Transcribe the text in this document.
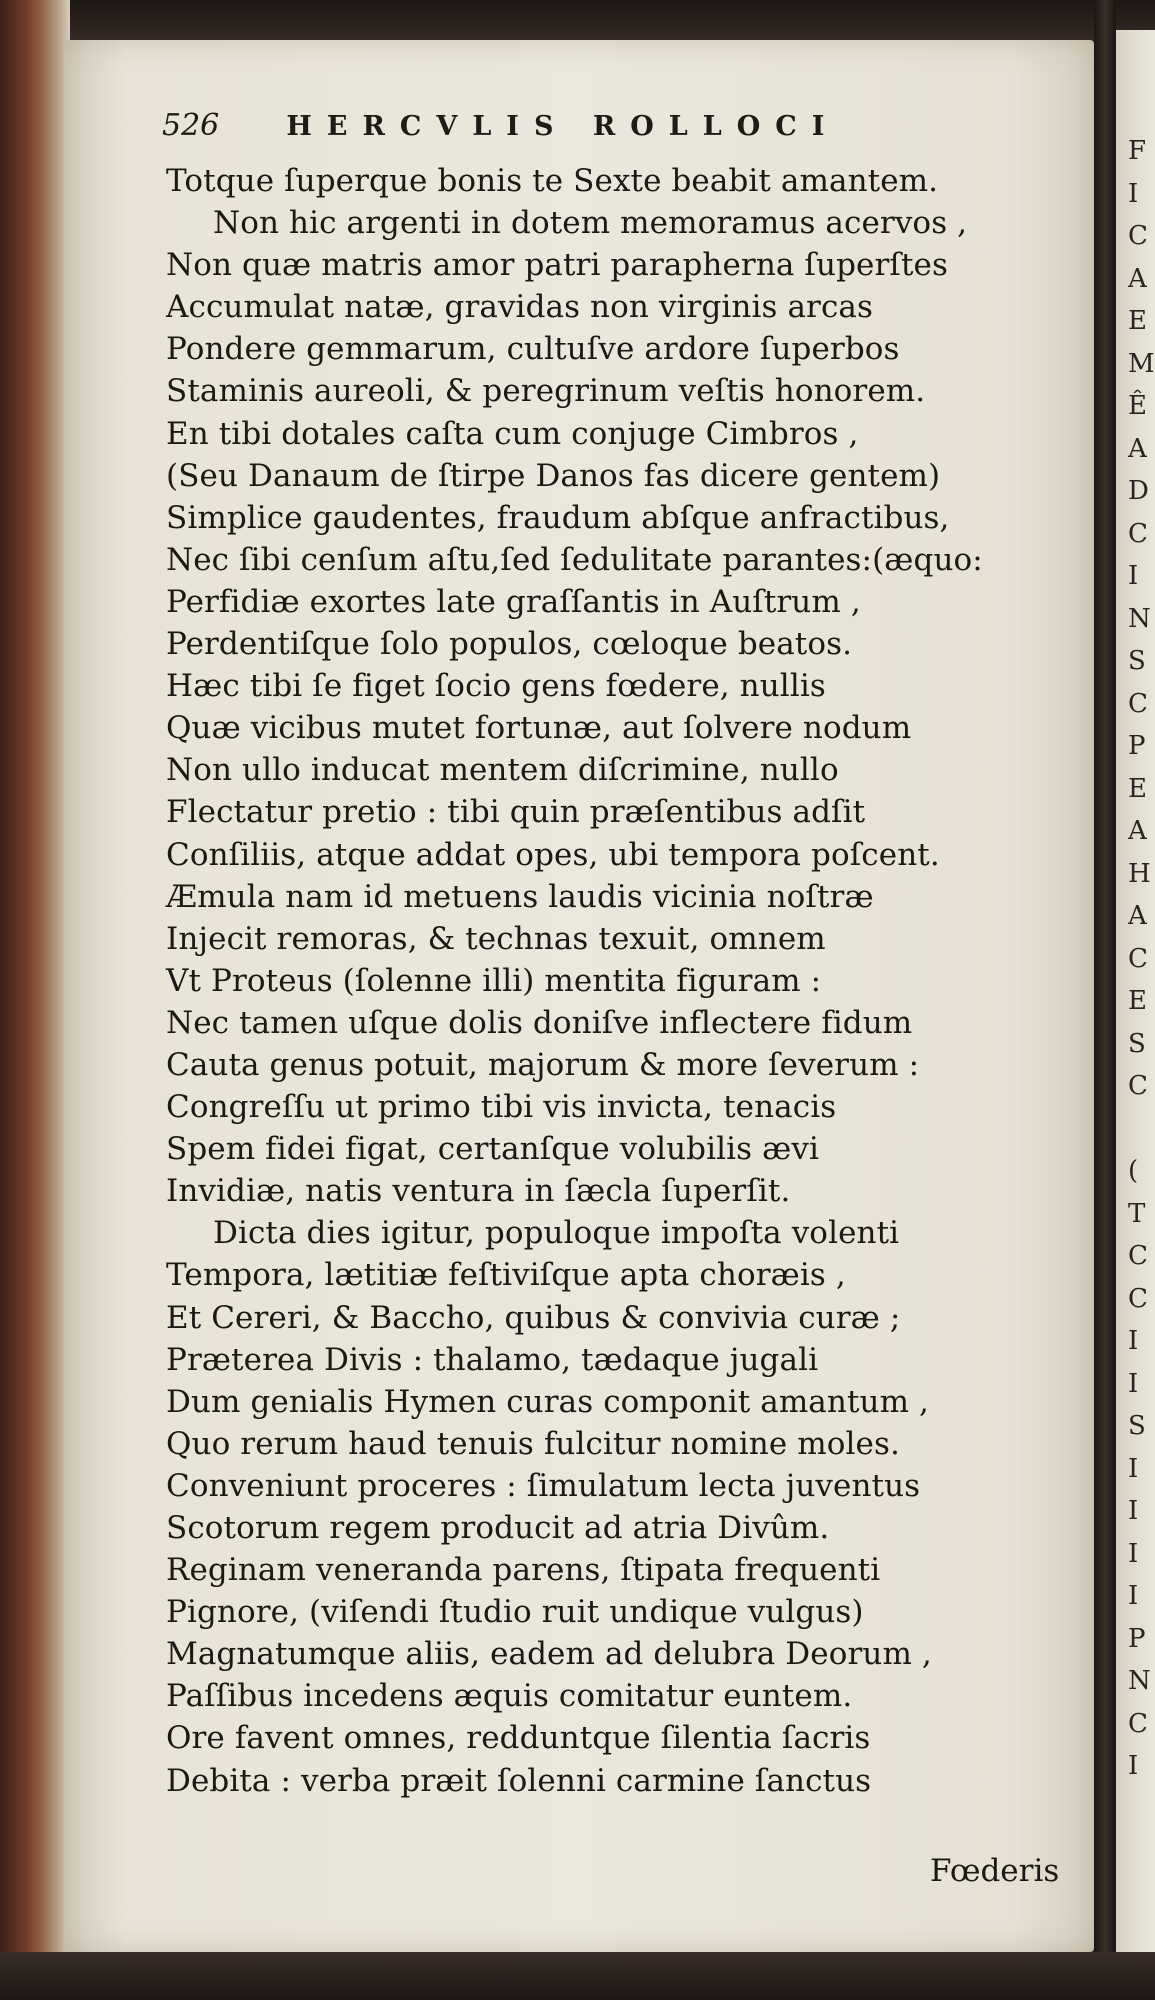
526 HERCVLIS ROLLOCI
Totque ſuperque bonis te Sexte beabit amantem.
Non hic argenti in dotem memoramus acervos ,
Non quæ matris amor patri parapherna ſuperſtes
Accumulat natæ, gravidas non virginis arcas
Pondere gemmarum, cultuſve ardore ſuperbos
Staminis aureoli, & peregrinum veſtis honorem.
En tibi dotales caſta cum conjuge Cimbros ,
(Seu Danaum de ſtirpe Danos fas dicere gentem)
Simplice gaudentes, fraudum abſque anfractibus,
Nec ſibi cenſum aſtu,ſed ſedulitate parantes:(æquo:
Perfidiæ exortes late graſſantis in Auſtrum ,
Perdentiſque ſolo populos, cœloque beatos.
Hæc tibi ſe figet ſocio gens fœdere, nullis
Quæ vicibus mutet fortunæ, aut ſolvere nodum
Non ullo inducat mentem diſcrimine, nullo
Flectatur pretio : tibi quin præſentibus adſit
Conſiliis, atque addat opes, ubi tempora poſcent.
Æmula nam id metuens laudis vicinia noſtræ
Injecit remoras, & technas texuit, omnem
Vt Proteus (ſolenne illi) mentita figuram :
Nec tamen uſque dolis doniſve inflectere fidum
Cauta genus potuit, majorum & more ſeverum :
Congreſſu ut primo tibi vis invicta, tenacis
Spem fidei figat, certanſque volubilis ævi
Invidiæ, natis ventura in ſæcla ſuperſit.
Dicta dies igitur, populoque impoſta volenti
Tempora, lætitiæ feſtiviſque apta choræis ,
Et Cereri, & Baccho, quibus & convivia curæ ;
Præterea Divis : thalamo, tædaque jugali
Dum genialis Hymen curas componit amantum ,
Quo rerum haud tenuis fulcitur nomine moles.
Conveniunt proceres : ſimulatum lecta juventus
Scotorum regem producit ad atria Divûm.
Reginam veneranda parens, ſtipata frequenti
Pignore, (viſendi ſtudio ruit undique vulgus)
Magnatumque aliis, eadem ad delubra Deorum ,
Paſſibus incedens æquis comitatur euntem.
Ore favent omnes, redduntque ſilentia ſacris
Debita : verba præit ſolenni carmine ſanctus
Fœderis
F
I
C
A
E
M
Ê
A
D
C
I
N
S
C
P
E
A
H
A
C
E
S
C
(
T
C
C
I
I
S
I
I
I
I
P
N
C
I
